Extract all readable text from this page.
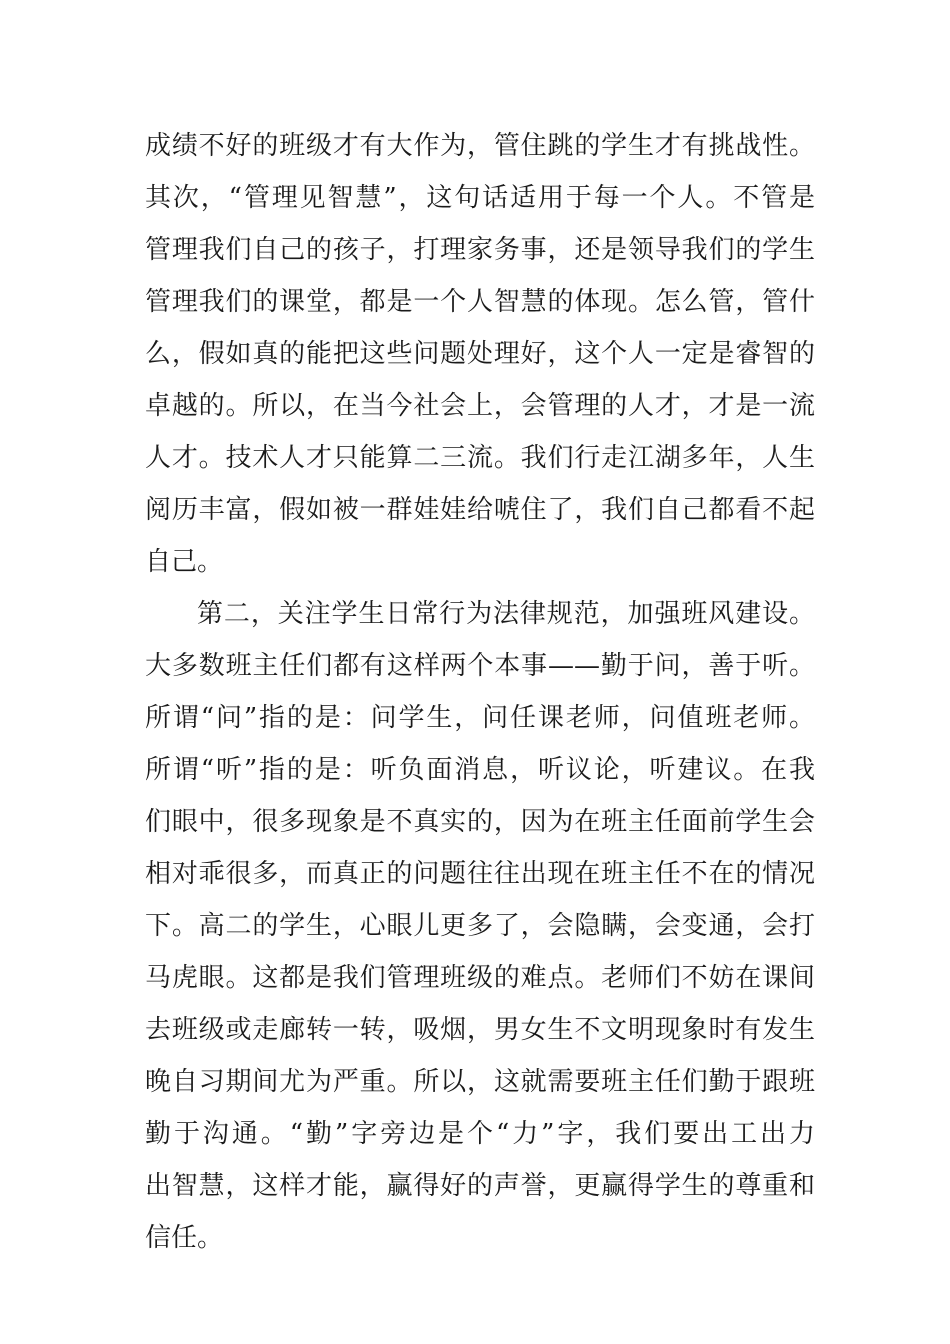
成绩不好的班级才有大作为，管住跳的学生才有挑战性。
其次，“管理见智慧”，这句话适用于每一个人。不管是
管理我们自己的孩子，打理家务事，还是领导我们的学生
管理我们的课堂，都是一个人智慧的体现。怎么管，管什
么，假如真的能把这些问题处理好，这个人一定是睿智的
卓越的。所以，在当今社会上，会管理的人才，才是一流
人才。技术人才只能算二三流。我们行走江湖多年，人生
阅历丰富，假如被一群娃娃给唬住了，我们自己都看不起
自己。
第二，关注学生日常行为法律规范，加强班风建设。
大多数班主任们都有这样两个本事——勤于问，善于听。
所谓“问”指的是：问学生，问任课老师，问值班老师。
所谓“听”指的是：听负面消息，听议论，听建议。在我
们眼中，很多现象是不真实的，因为在班主任面前学生会
相对乖很多，而真正的问题往往出现在班主任不在的情况
下。高二的学生，心眼儿更多了，会隐瞒，会变通，会打
马虎眼。这都是我们管理班级的难点。老师们不妨在课间
去班级或走廊转一转，吸烟，男女生不文明现象时有发生
晚自习期间尤为严重。所以，这就需要班主任们勤于跟班
勤于沟通。“勤”字旁边是个“力”字，我们要出工出力
出智慧，这样才能，赢得好的声誉，更赢得学生的尊重和
信任。
